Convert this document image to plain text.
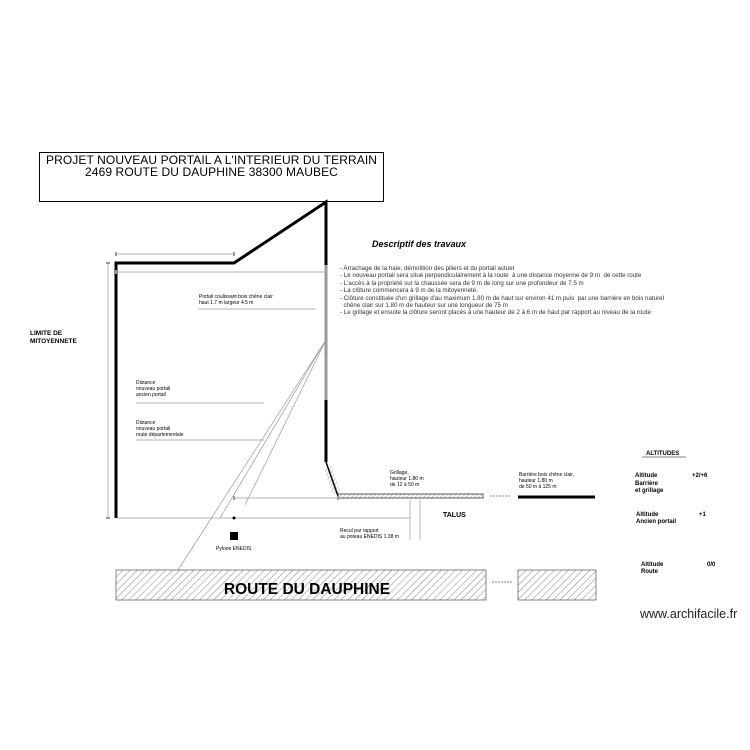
LIMITE DE
MITOYENNETE
Portail coulissant bois chêne clair
haut 1.7 m largeur 4.5 m
Distance
nouveau portail
ancien portail
Distance
nouveau portail
route départementale
Grillage,
hauteur 1.80 m
de 12 à 50 m
Barrière bois chêne clair,
hauteur 1.80 m
de 50 m à 125 m
TALUS
Recul par rapport
au poteau ENEDIS 1.38 m
Pylone ENEDIS
ROUTE DU DAUPHINE
ALTITUDES
Altitude
Barrière
et grillage
+2/+6
Altitude
Ancien portail
+1
Altitude
Route
0/0
PROJET NOUVEAU PORTAIL A L'INTERIEUR DU TERRAIN
2469 ROUTE DU DAUPHINE 38300 MAUBEC
Descriptif des travaux
- Arrachage de la haie, démolition des piliers et du portail actuel
- Le nouveau portail sera situé perpendiculairement à la route  à une distance moyenne de 9 m  de cette route
- L'accès à la propriété sur la chaussée sera de 9 m de long sur une profondeur de 7.5 m
- La clôture commencera à 9 m de la mitoyenneté.
- Clôture constituée d'un grillage d'au maximum 1.80 m de haut sur environ 41 m puis  par une barrière en bois naturel
chêne clair sur 1.80 m de hauteur sur une longueur de 75 m
- Le grillage et ensuite la clôture seront placés à une hauteur de 2 à 6 m de haut par rapport au niveau de la route
www.archifacile.fr
